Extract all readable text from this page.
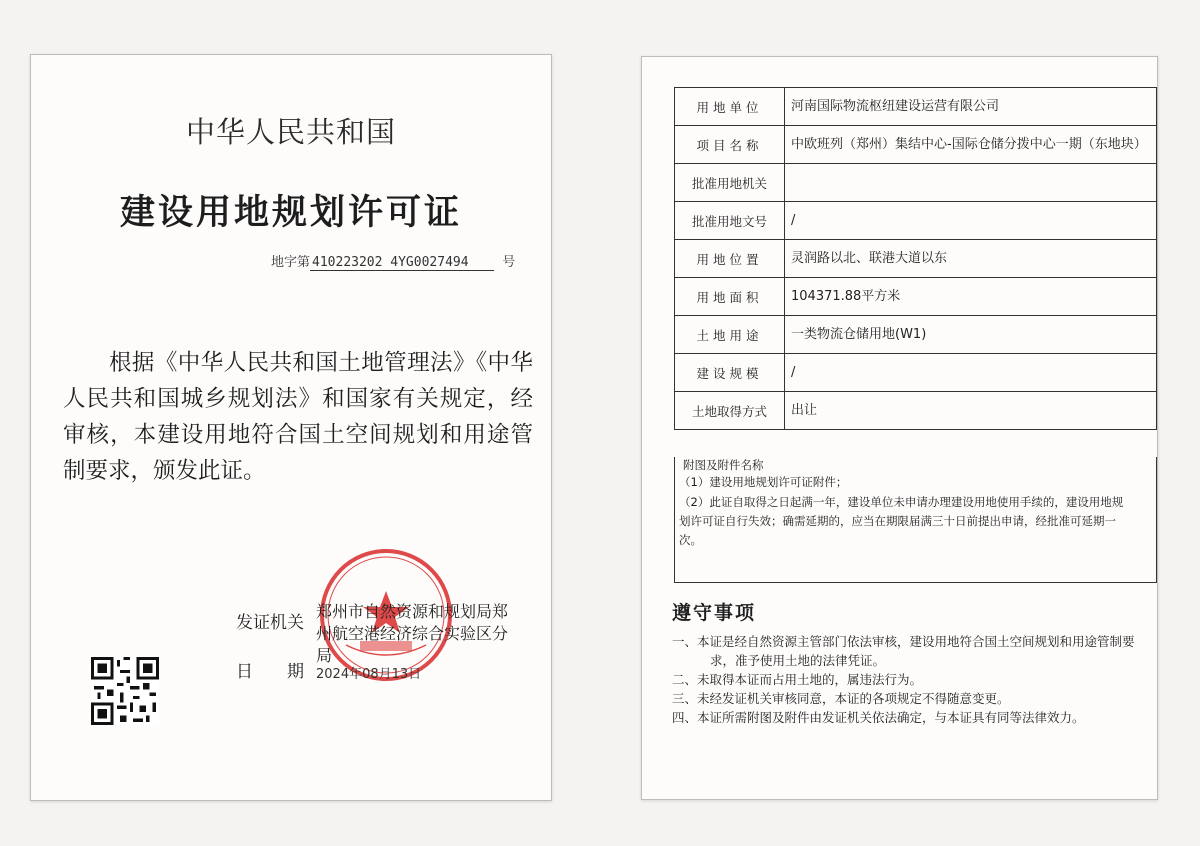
中华人民共和国
建设用地规划许可证
地字第 410223202 4YG0027494	号
根据《中华人民共和国土地管理法》《中华人民共和国城乡规划法》和国家有关规定，经审核，本建设用地符合国土空间规划和用途管制要求，颁发此证。
发证机关
郑州市自然资源和规划局郑州航空港经济综合实验区分局
日　　期 2024年08月13日
用地单位	河南国际物流枢纽建设运营有限公司
项目名称	中欧班列（郑州）集结中心-国际仓储分拨中心一期（东地块）
批准用地机关	
批准用地文号	/
用地位置	灵润路以北、联港大道以东
用地面积	104371.88平方米
土地用途	一类物流仓储用地(W1)
建设规模	/
土地取得方式	出让
附图及附件名称
（1）建设用地规划许可证附件；
（2）此证自取得之日起满一年，建设单位未申请办理建设用地使用手续的，建设用地规划许可证自行失效；确需延期的，应当在期限届满三十日前提出申请，经批准可延期一次。
遵守事项
一、本证是经自然资源主管部门依法审核，建设用地符合国土空间规划和用途管制要求，准予使用土地的法律凭证。
二、未取得本证而占用土地的，属违法行为。
三、未经发证机关审核同意，本证的各项规定不得随意变更。
四、本证所需附图及附件由发证机关依法确定，与本证具有同等法律效力。
